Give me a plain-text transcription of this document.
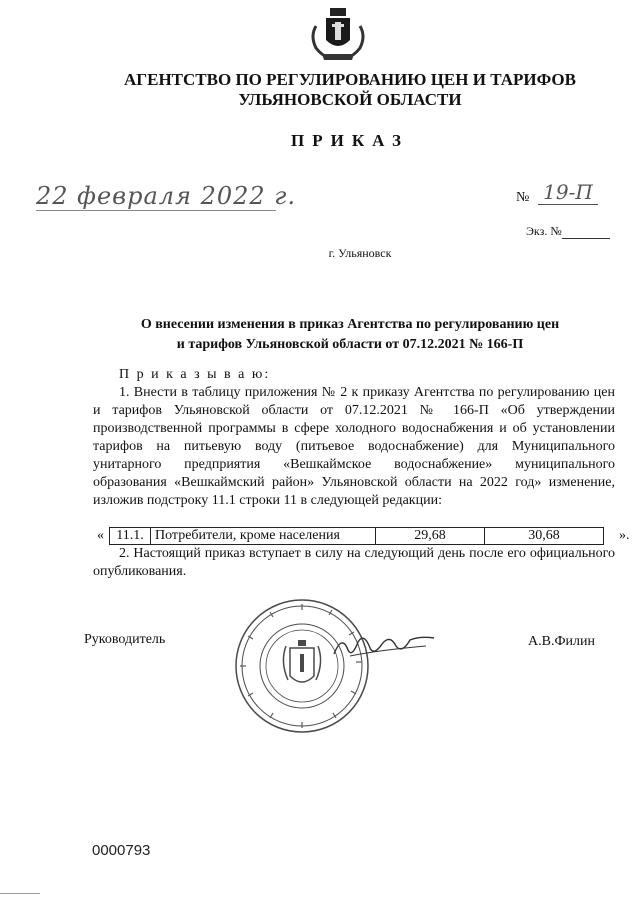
АГЕНТСТВО ПО РЕГУЛИРОВАНИЮ ЦЕН И ТАРИФОВ
УЛЬЯНОВСКОЙ ОБЛАСТИ
ПРИКАЗ
22 февраля 2022 г.	№ 19-П
Экз. №
г. Ульяновск
О внесении изменения в приказ Агентства по регулированию цен
и тарифов Ульяновской области от 07.12.2021 № 166-П

П р и к а з ы в а ю:

1. Внести в таблицу приложения № 2 к приказу Агентства по регулированию цен и тарифов Ульяновской области от 07.12.2021 № 166-П «Об утверждении производственной программы в сфере холодного водоснабжения и об установлении тарифов на питьевую воду (питьевое водоснабжение) для Муниципального унитарного предприятия «Вешкаймское водоснабжение» муниципального образования «Вешкаймский район» Ульяновской области на 2022 год» изменение, изложив подстроку 11.1 строки 11 в следующей редакции:

« 11.1.	Потребители, кроме населения	29,68	30,68	».

2. Настоящий приказ вступает в силу на следующий день после его официального опубликования.

Руководитель	А.В.Филин
0000793
